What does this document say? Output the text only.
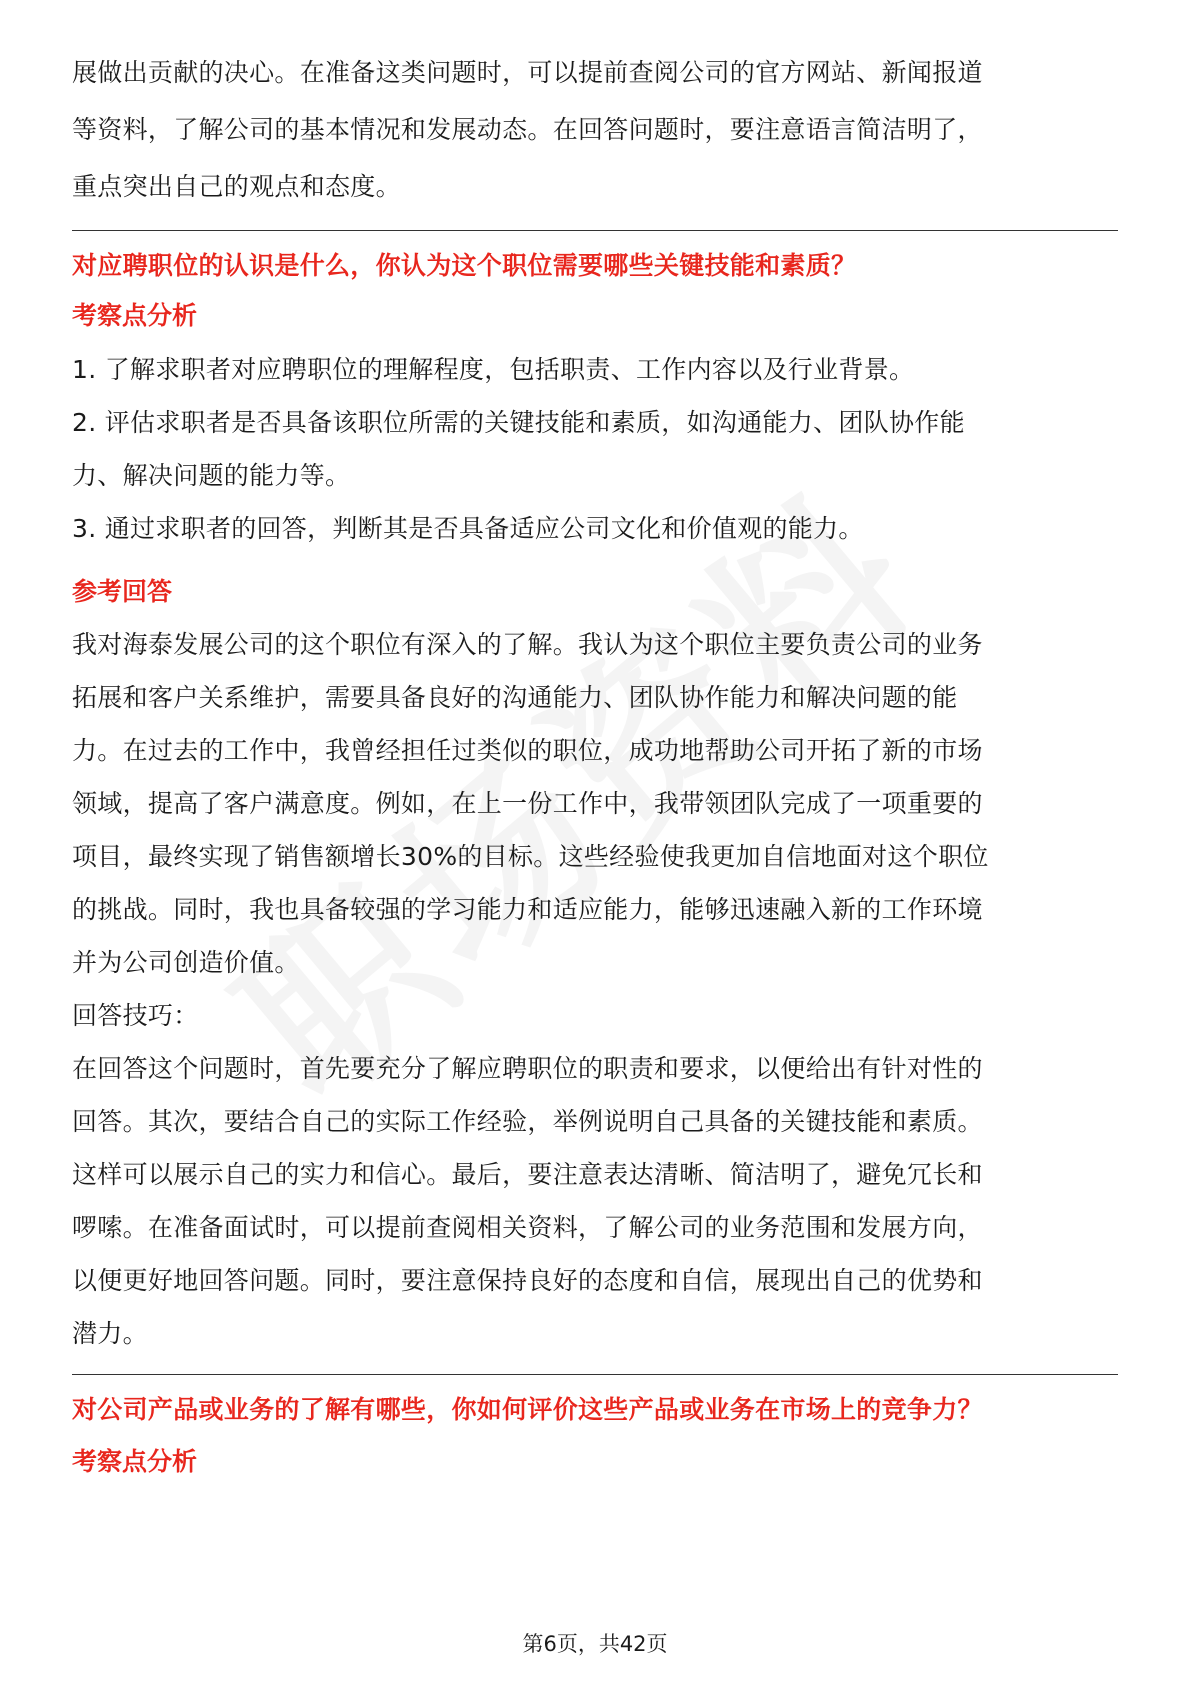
展做出贡献的决心。在准备这类问题时，可以提前查阅公司的官方网站、新闻报道

等资料，了解公司的基本情况和发展动态。在回答问题时，要注意语言简洁明了，

重点突出自己的观点和态度。

对应聘职位的认识是什么，你认为这个职位需要哪些关键技能和素质？

考察点分析

1. 了解求职者对应聘职位的理解程度，包括职责、工作内容以及行业背景。

2. 评估求职者是否具备该职位所需的关键技能和素质，如沟通能力、团队协作能

力、解决问题的能力等。

3. 通过求职者的回答，判断其是否具备适应公司文化和价值观的能力。

参考回答

我对海泰发展公司的这个职位有深入的了解。我认为这个职位主要负责公司的业务

拓展和客户关系维护，需要具备良好的沟通能力、团队协作能力和解决问题的能

力。在过去的工作中，我曾经担任过类似的职位，成功地帮助公司开拓了新的市场

领域，提高了客户满意度。例如，在上一份工作中，我带领团队完成了一项重要的

项目，最终实现了销售额增长30%的目标。这些经验使我更加自信地面对这个职位

的挑战。同时，我也具备较强的学习能力和适应能力，能够迅速融入新的工作环境

并为公司创造价值。

回答技巧：

在回答这个问题时，首先要充分了解应聘职位的职责和要求，以便给出有针对性的

回答。其次，要结合自己的实际工作经验，举例说明自己具备的关键技能和素质。

这样可以展示自己的实力和信心。最后，要注意表达清晰、简洁明了，避免冗长和

啰嗦。在准备面试时，可以提前查阅相关资料，了解公司的业务范围和发展方向，

以便更好地回答问题。同时，要注意保持良好的态度和自信，展现出自己的优势和

潜力。

对公司产品或业务的了解有哪些，你如何评价这些产品或业务在市场上的竞争力？

考察点分析

第6页，共42页
